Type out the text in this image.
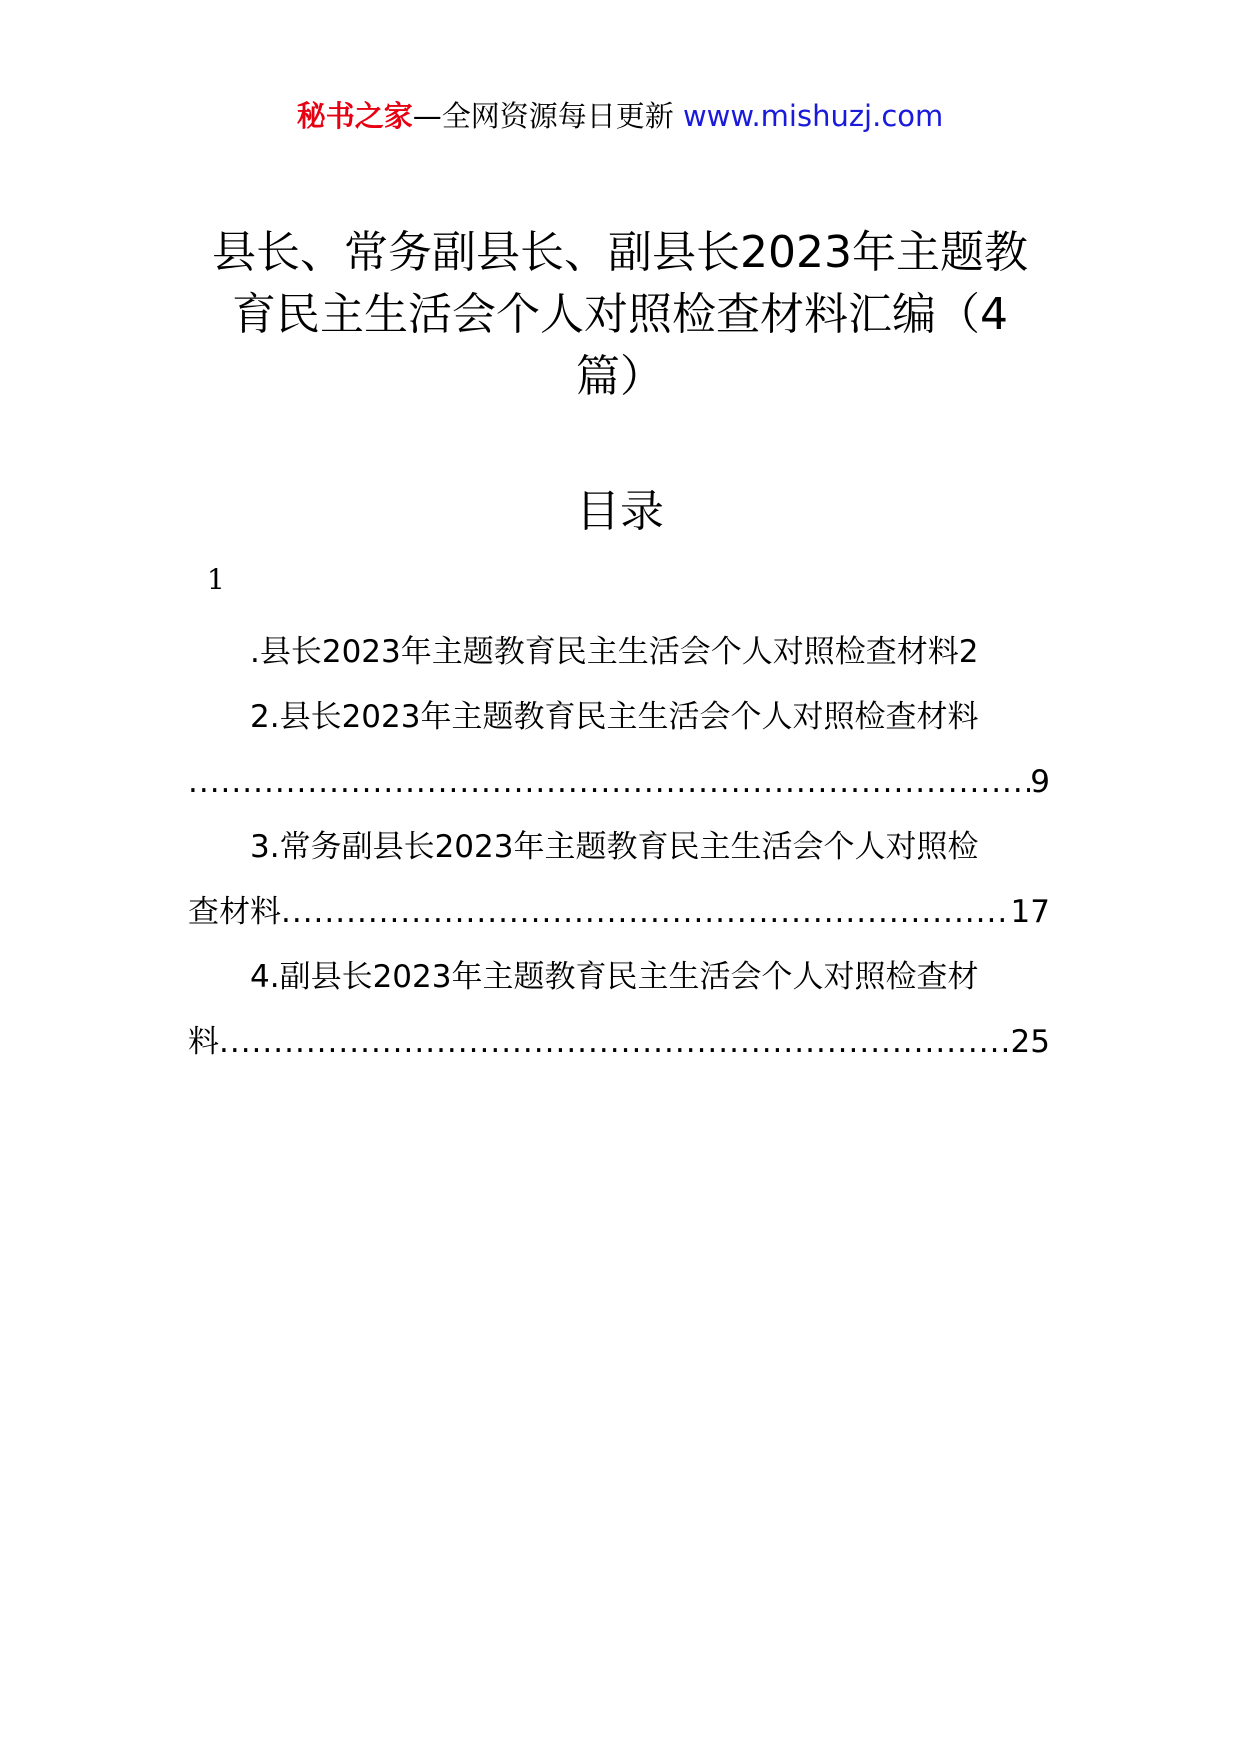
秘书之家—全网资源每日更新 www.mishuzj.com
县长、常务副县长、副县长2023年主题教
育民主生活会个人对照检查材料汇编（4
篇）
目录
1
.县长2023年主题教育民主生活会个人对照检查材料 2
2.县长2023年主题教育民主生活会个人对照检查材料
.....
9
3.常务副县长2023年主题教育民主生活会个人对照检
查材料 .....	17
4.副县长2023年主题教育民主生活会个人对照检查材
料 .....	25
